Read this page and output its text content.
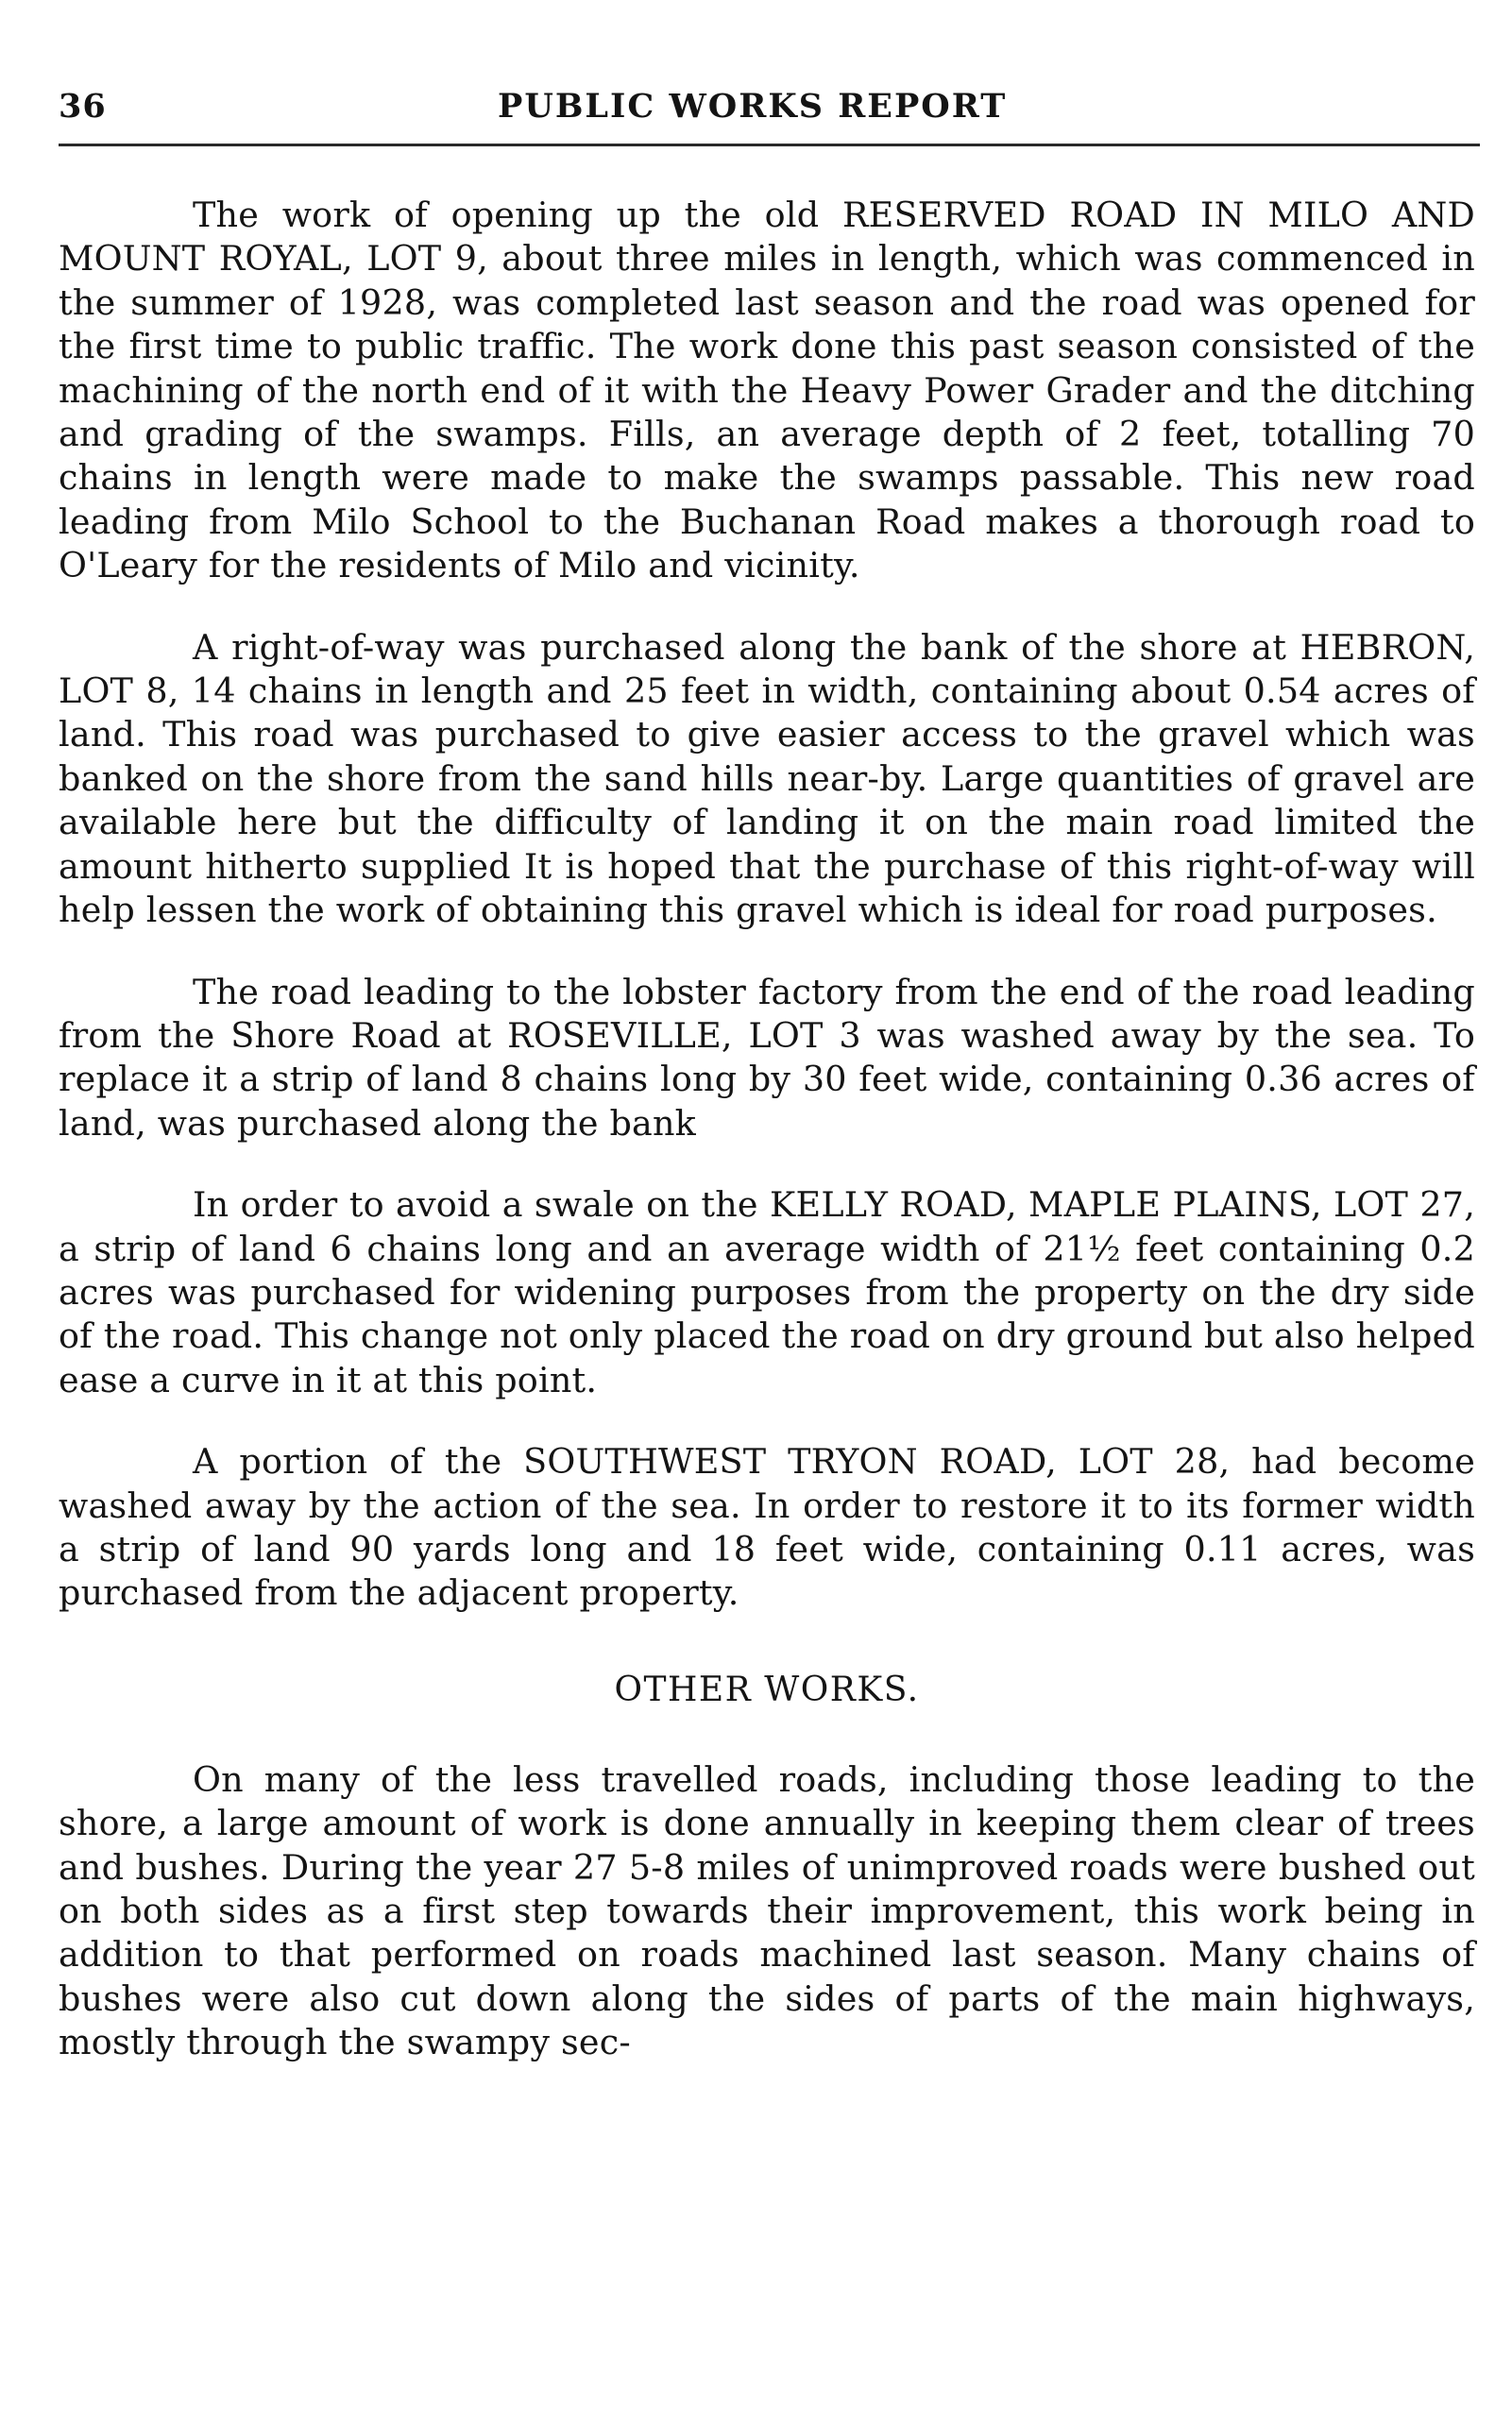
36	PUBLIC WORKS REPORT

The work of opening up the old RESERVED ROAD IN MILO AND MOUNT ROYAL, LOT 9, about three miles in length, which was commenced in the summer of 1928, was completed last season and the road was opened for the first time to public traffic. The work done this past season consisted of the machining of the north end of it with the Heavy Power Grader and the ditching and grading of the swamps. Fills, an average depth of 2 feet, totalling 70 chains in length were made to make the swamps passable. This new road leading from Milo School to the Buchanan Road makes a thorough road to O'Leary for the residents of Milo and vicinity.

A right-of-way was purchased along the bank of the shore at HEBRON, LOT 8, 14 chains in length and 25 feet in width, containing about 0.54 acres of land. This road was purchased to give easier access to the gravel which was banked on the shore from the sand hills near-by. Large quantities of gravel are available here but the difficulty of landing it on the main road limited the amount hitherto supplied It is hoped that the purchase of this right-of-way will help lessen the work of obtaining this gravel which is ideal for road purposes.

The road leading to the lobster factory from the end of the road leading from the Shore Road at ROSEVILLE, LOT 3 was washed away by the sea. To replace it a strip of land 8 chains long by 30 feet wide, containing 0.36 acres of land, was purchased along the bank

In order to avoid a swale on the KELLY ROAD, MAPLE PLAINS, LOT 27, a strip of land 6 chains long and an average width of 21½ feet containing 0.2 acres was purchased for widening purposes from the property on the dry side of the road. This change not only placed the road on dry ground but also helped ease a curve in it at this point.

A portion of the SOUTHWEST TRYON ROAD, LOT 28, had become washed away by the action of the sea. In order to restore it to its former width a strip of land 90 yards long and 18 feet wide, containing 0.11 acres, was purchased from the adjacent property.

OTHER WORKS.

On many of the less travelled roads, including those leading to the shore, a large amount of work is done annually in keeping them clear of trees and bushes. During the year 27 5-8 miles of unimproved roads were bushed out on both sides as a first step towards their improvement, this work being in addition to that performed on roads machined last season. Many chains of bushes were also cut down along the sides of parts of the main highways, mostly through the swampy sec-
